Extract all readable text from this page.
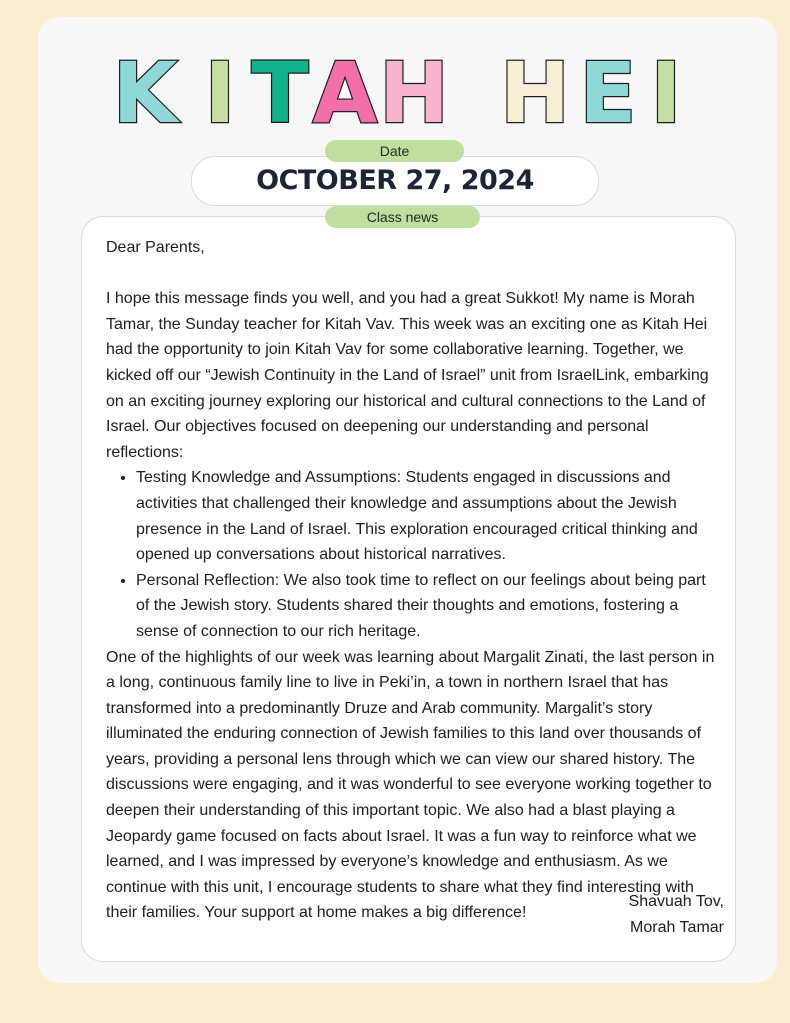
K I T A H H E I
OCTOBER 27, 2024
Date
Class news

Dear Parents,

I hope this message finds you well, and you had a great Sukkot! My name is Morah Tamar, the Sunday teacher for Kitah Vav. This week was an exciting one as Kitah Hei had the opportunity to join Kitah Vav for some collaborative learning. Together, we kicked off our “Jewish Continuity in the Land of Israel” unit from IsraelLink, embarking on an exciting journey exploring our historical and cultural connections to the Land of Israel. Our objectives focused on deepening our understanding and personal reflections:

• Testing Knowledge and Assumptions: Students engaged in discussions and activities that challenged their knowledge and assumptions about the Jewish presence in the Land of Israel. This exploration encouraged critical thinking and opened up conversations about historical narratives.
• Personal Reflection: We also took time to reflect on our feelings about being part of the Jewish story. Students shared their thoughts and emotions, fostering a sense of connection to our rich heritage.

One of the highlights of our week was learning about Margalit Zinati, the last person in a long, continuous family line to live in Peki’in, a town in northern Israel that has transformed into a predominantly Druze and Arab community. Margalit’s story illuminated the enduring connection of Jewish families to this land over thousands of years, providing a personal lens through which we can view our shared history. The discussions were engaging, and it was wonderful to see everyone working together to deepen their understanding of this important topic. We also had a blast playing a Jeopardy game focused on facts about Israel. It was a fun way to reinforce what we learned, and I was impressed by everyone’s knowledge and enthusiasm. As we continue with this unit, I encourage students to share what they find interesting with their families. Your support at home makes a big difference!

Shavuah Tov,
Morah Tamar
